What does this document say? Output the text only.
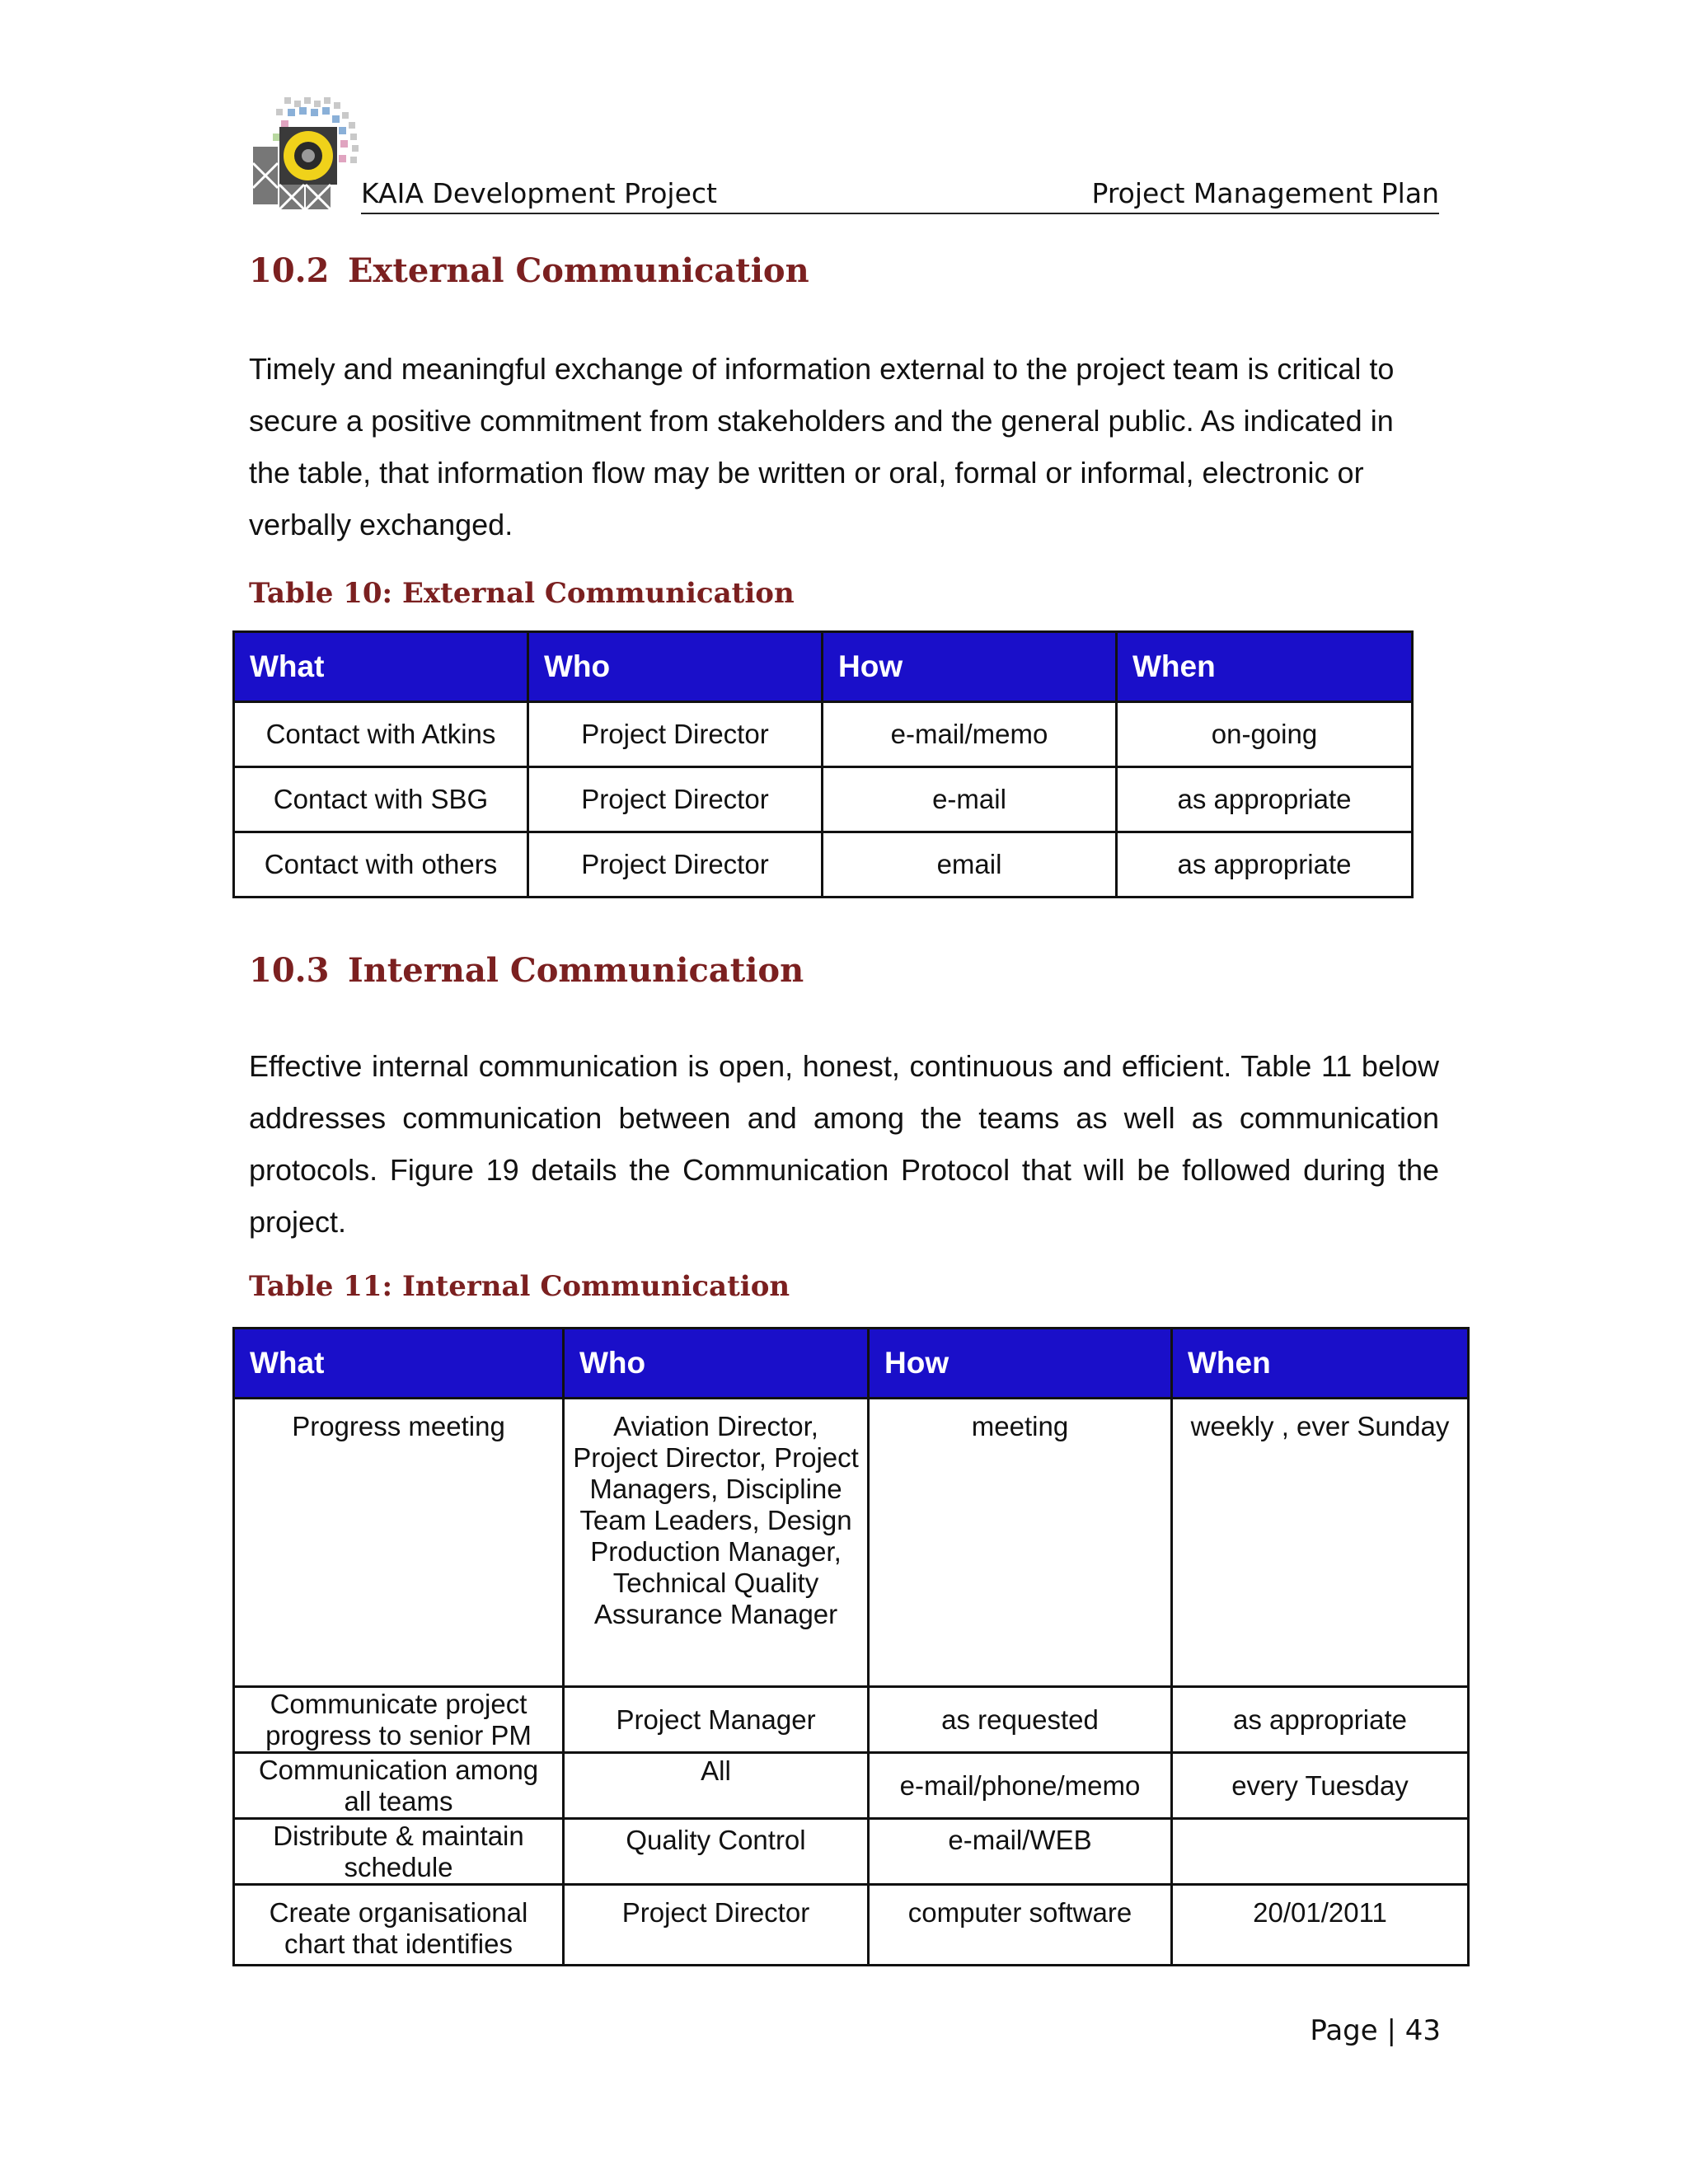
KAIA Development Project	Project Management Plan
10.2 External Communication

Timely and meaningful exchange of information external to the project team is critical to secure a positive commitment from stakeholders and the general public. As indicated in the table, that information flow may be written or oral, formal or informal, electronic or verbally exchanged.

Table 10: External Communication

What	Who	How	When
Contact with Atkins	Project Director	e-mail/memo	on-going
Contact with SBG	Project Director	e-mail	as appropriate
Contact with others	Project Director	email	as appropriate
10.3 Internal Communication

Effective internal communication is open, honest, continuous and efficient. Table 11 below addresses communication between and among the teams as well as communication protocols. Figure 19 details the Communication Protocol that will be followed during the project.

Table 11: Internal Communication

What	Who	How	When
Progress meeting	Aviation Director, Project Director, Project Managers, Discipline Team Leaders, Design Production Manager, Technical Quality Assurance Manager	meeting	weekly , ever Sunday
Communicate project progress to senior PM	Project Manager	as requested	as appropriate
Communication among all teams	All	e-mail/phone/memo	every Tuesday
Distribute & maintain schedule	Quality Control	e-mail/WEB	
Create organisational chart that identifies	Project Director	computer software	20/01/2011
Page | 43
